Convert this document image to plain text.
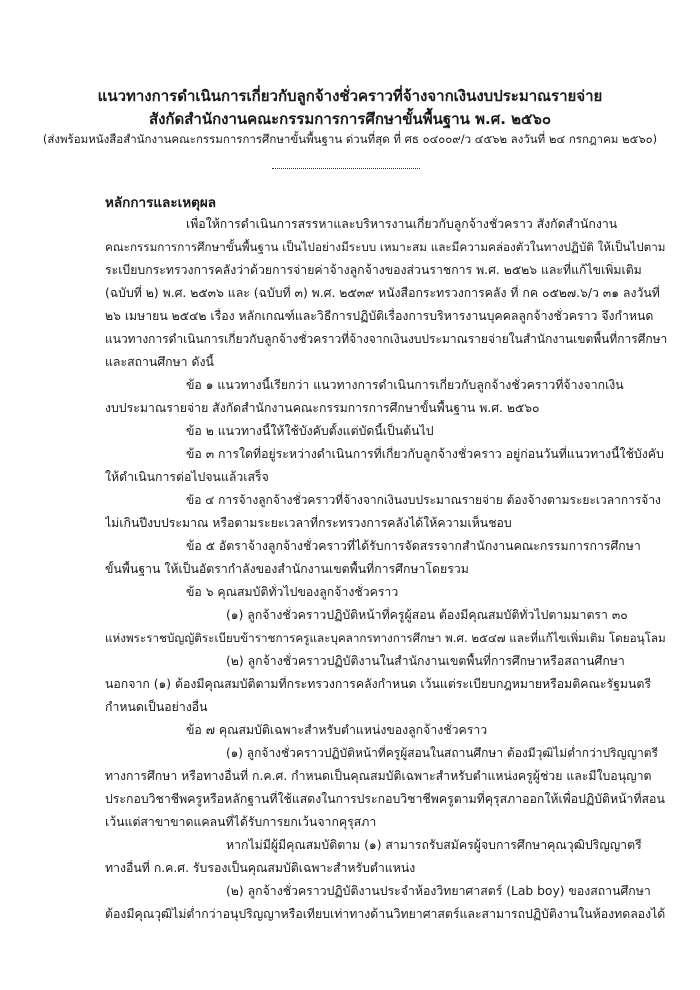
แนวทางการดำเนินการเกี่ยวกับลูกจ้างชั่วคราวที่จ้างจากเงินงบประมาณรายจ่าย
สังกัดสำนักงานคณะกรรมการการศึกษาขั้นพื้นฐาน พ.ศ. ๒๕๖๐
(ส่งพร้อมหนังสือสำนักงานคณะกรรมการการศึกษาขั้นพื้นฐาน ด่วนที่สุด ที่ ศธ ๐๔๐๐๙/ว ๔๕๖๒ ลงวันที่ ๒๔ กรกฎาคม ๒๕๖๐)
หลักการและเหตุผล
เพื่อให้การดำเนินการสรรหาและบริหารงานเกี่ยวกับลูกจ้างชั่วคราว สังกัดสำนักงาน
คณะกรรมการการศึกษาขั้นพื้นฐาน เป็นไปอย่างมีระบบ เหมาะสม และมีความคล่องตัวในทางปฏิบัติ ให้เป็นไปตาม
ระเบียบกระทรวงการคลังว่าด้วยการจ่ายค่าจ้างลูกจ้างของส่วนราชการ พ.ศ. ๒๕๒๖ และที่แก้ไขเพิ่มเติม
(ฉบับที่ ๒) พ.ศ. ๒๕๓๖ และ (ฉบับที่ ๓) พ.ศ. ๒๕๓๙ หนังสือกระทรวงการคลัง ที่ กค ๐๕๒๗.๖/ว ๓๑ ลงวันที่
๒๖ เมษายน ๒๕๔๒ เรื่อง หลักเกณฑ์และวิธีการปฏิบัติเรื่องการบริหารงานบุคคลลูกจ้างชั่วคราว จึงกำหนด
แนวทางการดำเนินการเกี่ยวกับลูกจ้างชั่วคราวที่จ้างจากเงินงบประมาณรายจ่ายในสำนักงานเขตพื้นที่การศึกษา
และสถานศึกษา ดังนี้
ข้อ ๑ แนวทางนี้เรียกว่า แนวทางการดำเนินการเกี่ยวกับลูกจ้างชั่วคราวที่จ้างจากเงิน
งบประมาณรายจ่าย สังกัดสำนักงานคณะกรรมการการศึกษาขั้นพื้นฐาน พ.ศ. ๒๕๖๐
ข้อ ๒ แนวทางนี้ให้ใช้บังคับตั้งแต่บัดนี้เป็นต้นไป
ข้อ ๓ การใดที่อยู่ระหว่างดำเนินการที่เกี่ยวกับลูกจ้างชั่วคราว อยู่ก่อนวันที่แนวทางนี้ใช้บังคับ
ให้ดำเนินการต่อไปจนแล้วเสร็จ
ข้อ ๔ การจ้างลูกจ้างชั่วคราวที่จ้างจากเงินงบประมาณรายจ่าย ต้องจ้างตามระยะเวลาการจ้าง
ไม่เกินปีงบประมาณ หรือตามระยะเวลาที่กระทรวงการคลังได้ให้ความเห็นชอบ
ข้อ ๕ อัตราจ้างลูกจ้างชั่วคราวที่ได้รับการจัดสรรจากสำนักงานคณะกรรมการการศึกษา
ขั้นพื้นฐาน ให้เป็นอัตรากำลังของสำนักงานเขตพื้นที่การศึกษาโดยรวม
ข้อ ๖ คุณสมบัติทั่วไปของลูกจ้างชั่วคราว
(๑) ลูกจ้างชั่วคราวปฏิบัติหน้าที่ครูผู้สอน ต้องมีคุณสมบัติทั่วไปตามมาตรา ๓๐
แห่งพระราชบัญญัติระเบียบข้าราชการครูและบุคลากรทางการศึกษา พ.ศ. ๒๕๔๗ และที่แก้ไขเพิ่มเติม โดยอนุโลม
(๒) ลูกจ้างชั่วคราวปฏิบัติงานในสำนักงานเขตพื้นที่การศึกษาหรือสถานศึกษา
นอกจาก (๑) ต้องมีคุณสมบัติตามที่กระทรวงการคลังกำหนด เว้นแต่ระเบียบกฎหมายหรือมติคณะรัฐมนตรี
กำหนดเป็นอย่างอื่น
ข้อ ๗ คุณสมบัติเฉพาะสำหรับตำแหน่งของลูกจ้างชั่วคราว
(๑) ลูกจ้างชั่วคราวปฏิบัติหน้าที่ครูผู้สอนในสถานศึกษา ต้องมีวุฒิไม่ต่ำกว่าปริญญาตรี
ทางการศึกษา หรือทางอื่นที่ ก.ค.ศ. กำหนดเป็นคุณสมบัติเฉพาะสำหรับตำแหน่งครูผู้ช่วย และมีใบอนุญาต
ประกอบวิชาชีพครูหรือหลักฐานที่ใช้แสดงในการประกอบวิชาชีพครูตามที่คุรุสภาออกให้เพื่อปฏิบัติหน้าที่สอน
เว้นแต่สาขาขาดแคลนที่ได้รับการยกเว้นจากคุรุสภา
หากไม่มีผู้มีคุณสมบัติตาม (๑) สามารถรับสมัครผู้จบการศึกษาคุณวุฒิปริญญาตรี
ทางอื่นที่ ก.ค.ศ. รับรองเป็นคุณสมบัติเฉพาะสำหรับตำแหน่ง
(๒) ลูกจ้างชั่วคราวปฏิบัติงานประจำห้องวิทยาศาสตร์ (Lab boy) ของสถานศึกษา
ต้องมีคุณวุฒิไม่ต่ำกว่าอนุปริญญาหรือเทียบเท่าทางด้านวิทยาศาสตร์และสามารถปฏิบัติงานในห้องทดลองได้
